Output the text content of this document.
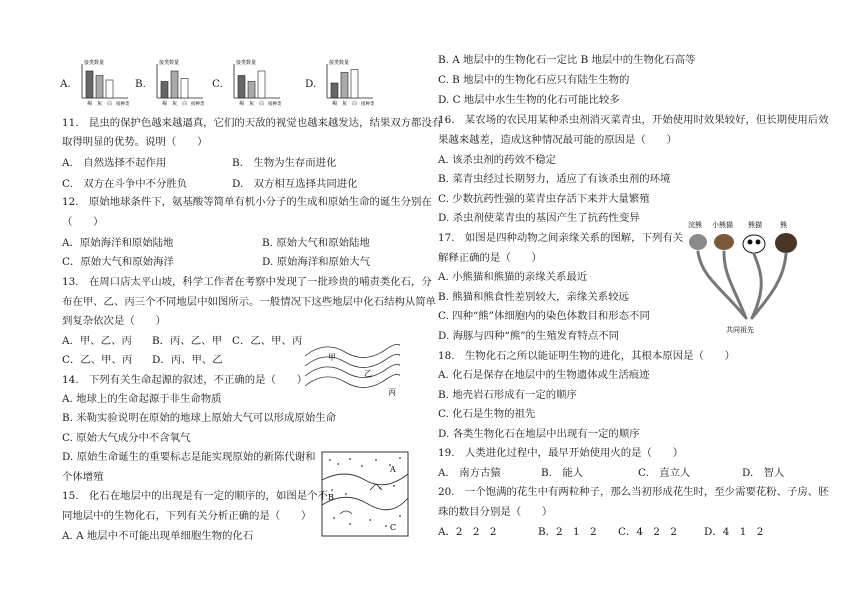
A.
接类数量
褐 灰 白 接种类
B.
接类数量
褐 灰 白 接种类
C.
接类数量
褐 灰 白 接种类
D.
接类数量
褐 灰 白 接种类
11.　昆虫的保护色越来越逼真，它们的天敌的视觉也越来越发达，结果双方都没有
取得明显的优势。说明（　　）
A.　自然选择不起作用	B.　生物为生存而进化
C.　双方在斗争中不分胜负	D.　双方相互选择共同进化
12.　原始地球条件下，氨基酸等简单有机小分子的生成和原始生命的诞生分别在
（　　）
A．原始海洋和原始陆地	B. 原始大气和原始陆地
C．原始大气和原始海洋	D. 原始海洋和原始大气
13.　在周口店太平山坡，科学工作者在考察中发现了一批珍贵的哺责类化石，分
布在甲、乙、丙三个不同地层中如图所示。一般情况下这些地层中化石结构从简单
到复杂依次是（　　）
A．甲、乙、丙 B．丙、乙、甲 C．乙、甲、丙
C．乙、甲、丙 D．丙、甲、乙	甲
乙
丙
14.　下列有关生命起源的叙述，不正确的是（　　）
A. 地球上的生命起源于非生命物质
B. 米勒实验说明在原始的地球上原始大气可以形成原始生命
C. 原始大气成分中不含氧气
D. 原始生命诞生的重要标志是能实现原始的新陈代谢和
个体增殖
A
B
C
15.　化石在地层中的出现是有一定的顺序的，如图是个不
同地层中的生物化石，下列有关分析正确的是（　　）
A. A 地层中不可能出现单细胞生物的化石
B. A 地层中的生物化石一定比 B 地层中的生物化石高等
C. B 地层中的生物化石应只有陆生生物的
D. C 地层中水生生物的化石可能比较多
16.　某农场的农民用某种杀虫剂消灭菜青虫，开始使用时效果较好，但长期使用后效
果越来越差，造成这种情况最可能的原因是（　　）
A. 该杀虫剂的药效不稳定
B. 菜青虫经过长期努力，适应了有该杀虫剂的环境
C. 少数抗药性强的菜青虫存活下来并大量繁殖
D. 杀虫剂使菜青虫的基因产生了抗药性变异
17.　如图是四种动物之间亲缘关系的图解，下列有关
解释正确的是（　　）
A. 小熊猫和熊猫的亲缘关系最近
B. 熊猫和熊食性差别较大，亲缘关系较远
C. 四种“熊”体细胞内的染色体数目和形态不同
D. 海豚与四种“熊”的生殖发育特点不同
浣熊 小熊猫 熊猫	熊
共同祖先
18.　生物化石之所以能证明生物的进化，其根本原因是（　　）
A. 化石是保存在地层中的生物遗体或生活痕迹
B. 地壳岩石形成有一定的顺序
C. 化石是生物的祖先
D. 各类生物化石在地层中出现有一定的顺序
19.　人类进化过程中，最早开始使用火的是（　　）
A.　南方古猿	B.　能人	C.　直立人	D.　智人
20.　一个饱满的花生中有两粒种子，那么当初形成花生时，至少需要花粉、子房、胚
珠的数目分别是（　　）
A．2　2　2	B．2　1　2 C．4　2　2	D．4　1　2
